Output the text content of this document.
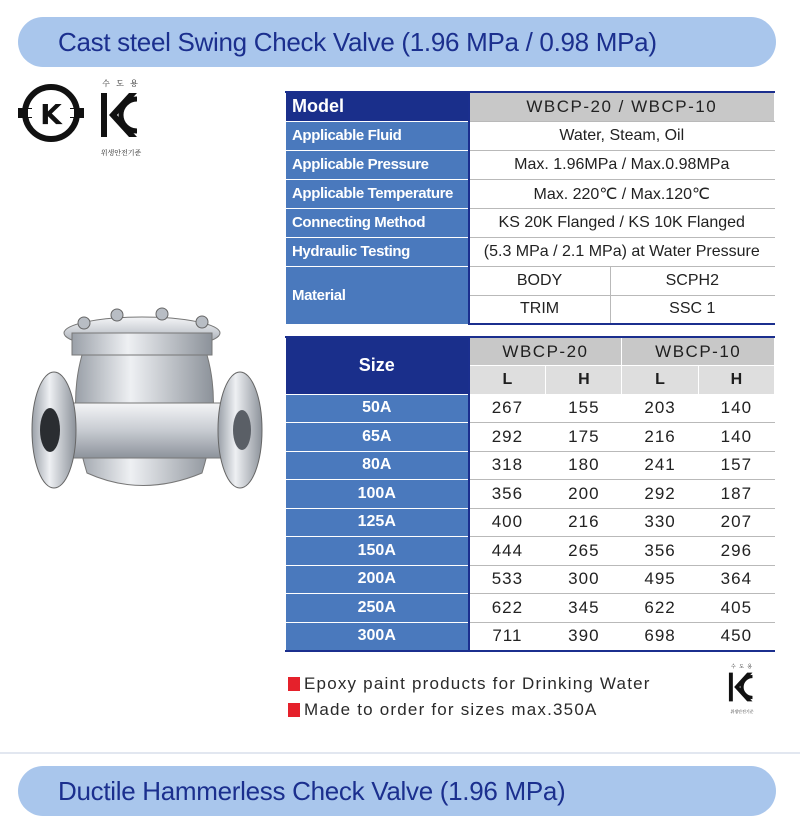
Cast steel Swing Check Valve (1.96 MPa / 0.98 MPa)
K
수 도 용
위생안전기준
Model	WBCP-20 / WBCP-10	
Applicable Fluid	Water, Steam, Oil	
Applicable Pressure	Max. 1.96MPa / Max.0.98MPa	
Applicable Temperature	Max. 220℃ / Max.120℃	
Connecting Method	KS 20K Flanged / KS 10K Flanged	
Hydraulic Testing	(5.3 MPa / 2.1 MPa) at Water Pressure	
Material	BODY	SCPH2
	TRIM	SSC 1
Size	WBCP-20		WBCP-10	
	L	H	L	H
50A	267	155	203	140
65A	292	175	216	140
80A	318	180	241	157
100A	356	200	292	187
125A	400	216	330	207
150A	444	265	356	296
200A	533	300	495	364
250A	622	345	622	405
300A	711	390	698	450
Epoxy paint products for Drinking Water
Made to order for sizes max.350A
수 도 용
위생안전기준
Ductile Hammerless Check Valve (1.96 MPa)
